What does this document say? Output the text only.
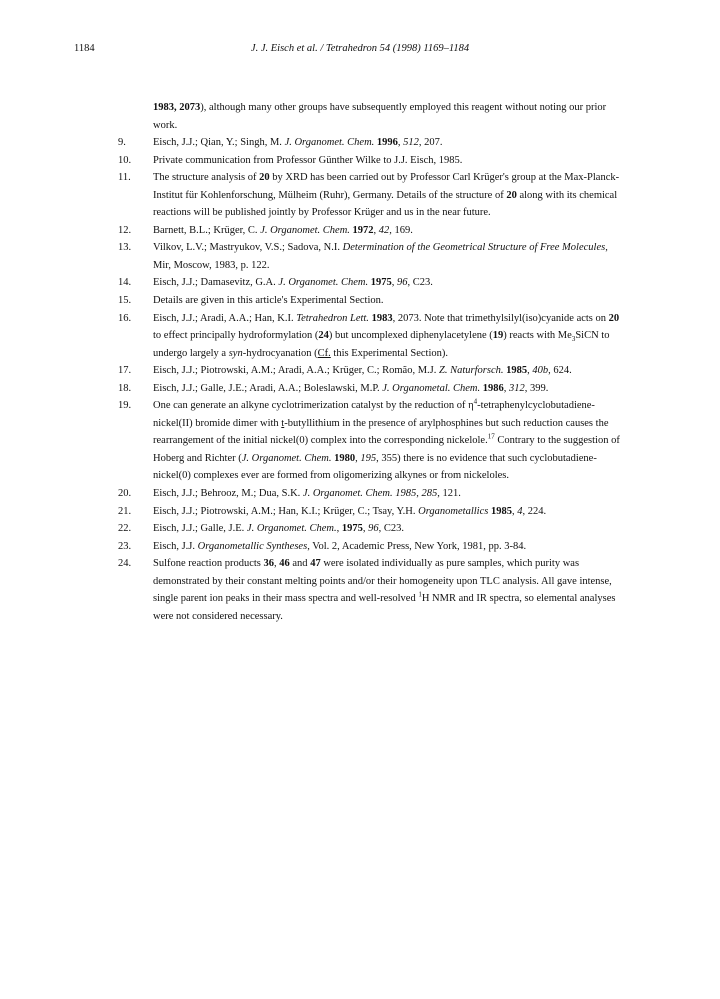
1184	J. J. Eisch et al. / Tetrahedron 54 (1998) 1169–1184
1983, 2073), although many other groups have subsequently employed this reagent without noting our prior work.
9.	Eisch, J.J.; Qian, Y.; Singh, M. J. Organomet. Chem. 1996, 512, 207.
10. Private communication from Professor Günther Wilke to J.J. Eisch, 1985.
11. The structure analysis of 20 by XRD has been carried out by Professor Carl Krüger's group at the Max-Planck-Institut für Kohlenforschung, Mülheim (Ruhr), Germany. Details of the structure of 20 along with its chemical reactions will be published jointly by Professor Krüger and us in the near future.
12. Barnett, B.L.; Krüger, C. J. Organomet. Chem. 1972, 42, 169.
13. Vilkov, L.V.; Mastryukov, V.S.; Sadova, N.I. Determination of the Geometrical Structure of Free Molecules, Mir, Moscow, 1983, p. 122.
14. Eisch, J.J.; Damasevitz, G.A. J. Organomet. Chem. 1975, 96, C23.
15. Details are given in this article's Experimental Section.
16. Eisch, J.J.; Aradi, A.A.; Han, K.I. Tetrahedron Lett. 1983, 2073. Note that trimethylsilyl(iso)cyanide acts on 20 to effect principally hydroformylation (24) but uncomplexed diphenylacetylene (19) reacts with $Me_3SiCN$ to undergo largely a syn-hydrocyanation (Cf. this Experimental Section).
17. Eisch, J.J.; Piotrowski, A.M.; Aradi, A.A.; Krüger, C.; Romão, M.J. Z. Naturforsch. 1985, 40b, 624.
18. Eisch, J.J.; Galle, J.E.; Aradi, A.A.; Boleslawski, M.P. J. Organometal. Chem. 1986, 312, 399.
19. One can generate an alkyne cyclotrimerization catalyst by the reduction of $\eta^4-tetraphenylcyclobutadiene-nickel(II)$ bromide dimer with t-butyllithium in the presence of arylphosphines but such reduction causes the rearrangement of the initial nickel(0) complex into the corresponding nickelole.$^{17}$ Contrary to the suggestion of Hoberg and Richter (J. Organomet. Chem. 1980, 195, 355) there is no evidence that such cyclobutadiene-nickel(0) complexes ever are formed from oligomerizing alkynes or from nickeloles.
20. Eisch, J.J.; Behrooz, M.; Dua, S.K. J. Organomet. Chem. 1985, 285, 121.
21. Eisch, J.J.; Piotrowski, A.M.; Han, K.I.; Krüger, C.; Tsay, Y.H. Organometallics 1985, 4, 224.
22. Eisch, J.J.; Galle, J.E. J. Organomet. Chem., 1975, 96, C23.
23. Eisch, J.J. Organometallic Syntheses, Vol. 2, Academic Press, New York, 1981, pp. 3-84.
24. Sulfone reaction products 36, 46 and 47 were isolated individually as pure samples, which purity was demonstrated by their constant melting points and/or their homogeneity upon TLC analysis. All gave intense, single parent ion peaks in their mass spectra and well-resolved $^1$H NMR and IR spectra, so elemental analyses were not considered necessary.
